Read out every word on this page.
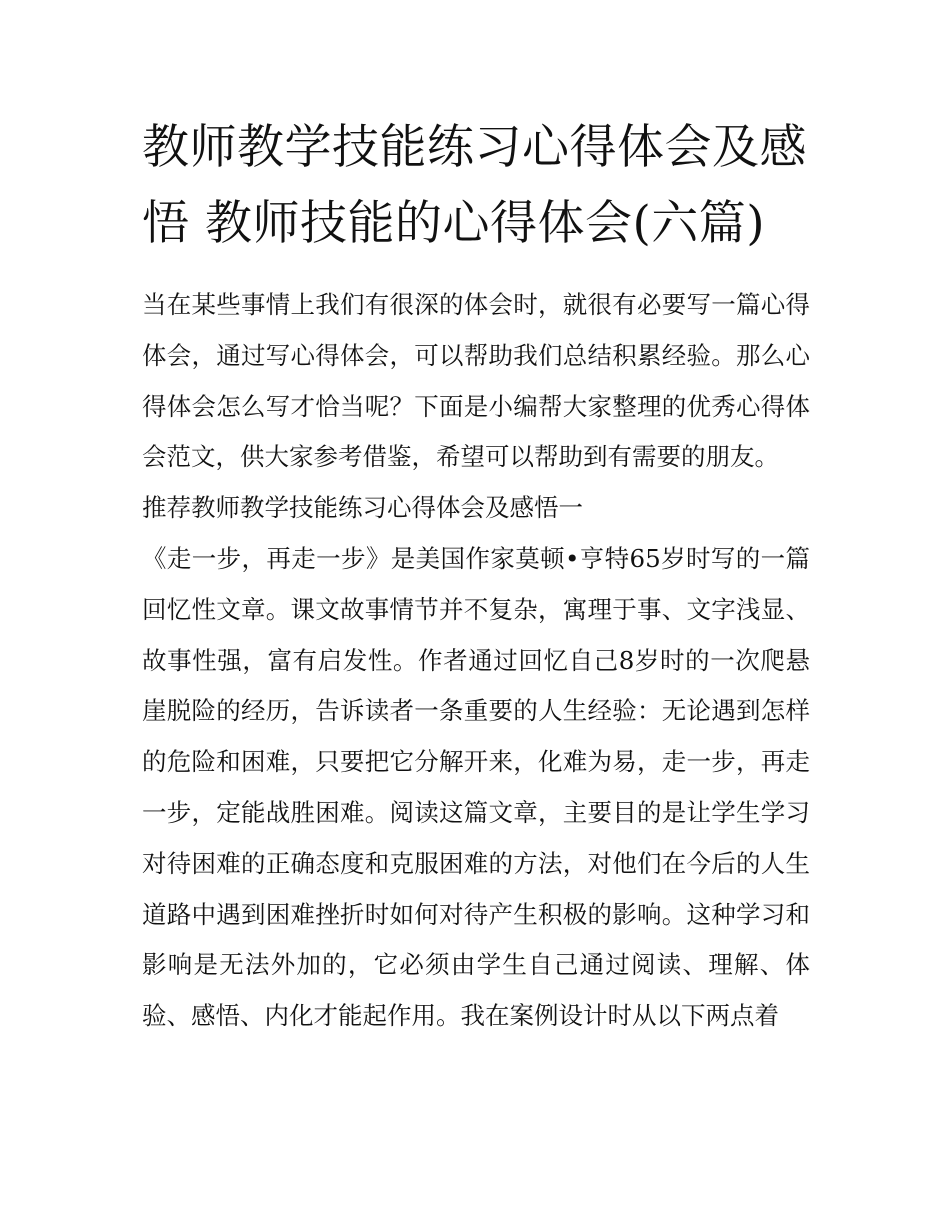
教师教学技能练习心得体会及感悟 教师技能的心得体会(六篇)

当在某些事情上我们有很深的体会时，就很有必要写一篇心得体会，通过写心得体会，可以帮助我们总结积累经验。那么心得体会怎么写才恰当呢？下面是小编帮大家整理的优秀心得体会范文，供大家参考借鉴，希望可以帮助到有需要的朋友。

推荐教师教学技能练习心得体会及感悟一

《走一步，再走一步》是美国作家莫顿•亨特65岁时写的一篇回忆性文章。课文故事情节并不复杂，寓理于事、文字浅显、故事性强，富有启发性。作者通过回忆自己8岁时的一次爬悬崖脱险的经历，告诉读者一条重要的人生经验：无论遇到怎样的危险和困难，只要把它分解开来，化难为易，走一步，再走一步，定能战胜困难。阅读这篇文章，主要目的是让学生学习对待困难的正确态度和克服困难的方法，对他们在今后的人生道路中遇到困难挫折时如何对待产生积极的影响。这种学习和影响是无法外加的，它必须由学生自己通过阅读、理解、体验、感悟、内化才能起作用。我在案例设计时从以下两点着
